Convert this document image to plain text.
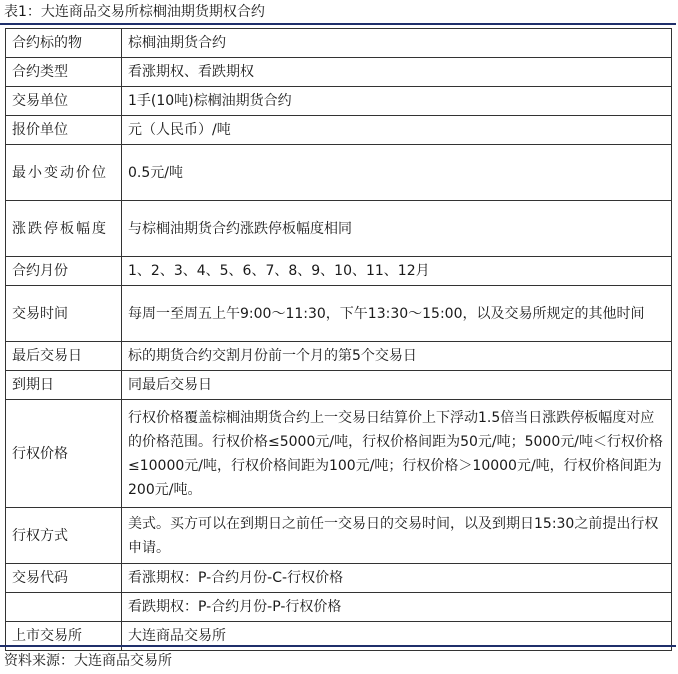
表1：大连商品交易所棕榈油期货期权合约
合约标的物	棕榈油期货合约
合约类型	看涨期权、看跌期权
交易单位	1手(10吨)棕榈油期货合约
报价单位	元（人民币）/吨
最小变动价位	0.5元/吨
涨跌停板幅度	与棕榈油期货合约涨跌停板幅度相同
合约月份	1、2、3、4、5、6、7、8、9、10、11、12月
交易时间	每周一至周五上午9:00～11:30，下午13:30～15:00，以及交易所规定的其他时间
最后交易日	标的期货合约交割月份前一个月的第5个交易日
到期日	同最后交易日
行权价格	行权价格覆盖棕榈油期货合约上一交易日结算价上下浮动1.5倍当日涨跌停板幅度对应的价格范围。行权价格≤5000元/吨，行权价格间距为50元/吨；5000元/吨＜行权价格≤10000元/吨，行权价格间距为100元/吨；行权价格＞10000元/吨，行权价格间距为200元/吨。
行权方式	美式。买方可以在到期日之前任一交易日的交易时间，以及到期日15:30之前提出行权申请。
交易代码	看涨期权：P-合约月份-C-行权价格
	看跌期权：P-合约月份-P-行权价格
上市交易所	大连商品交易所
资料来源：大连商品交易所
